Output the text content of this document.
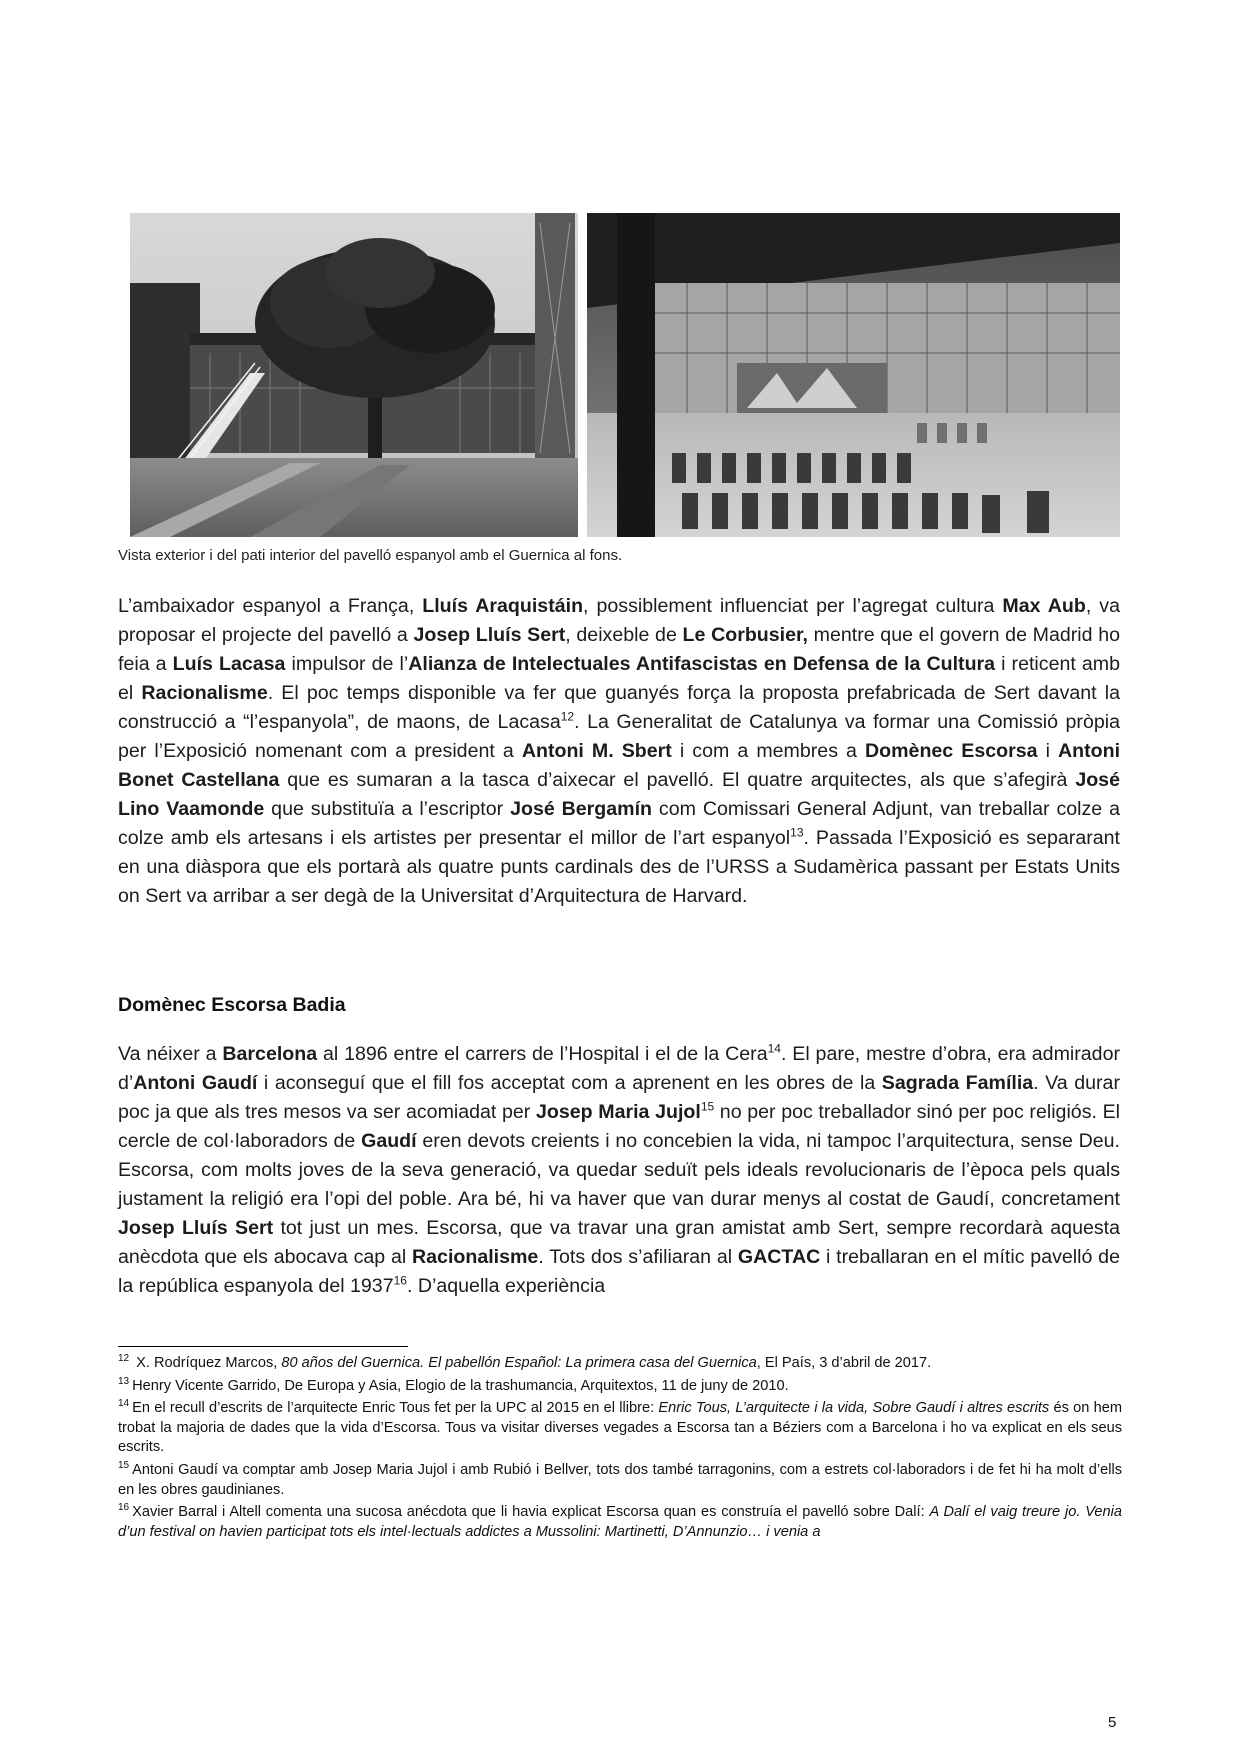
Vista exterior i del pati interior del pavelló espanyol amb el Guernica al fons.

L’ambaixador espanyol a França, Lluís Araquistáin, possiblement influenciat per l’agregat cultura Max Aub, va proposar el projecte del pavelló a Josep Lluís Sert, deixeble de Le Corbusier, mentre que el govern de Madrid ho feia a Luís Lacasa impulsor de l’Alianza de Intelectuales Antifascistas en Defensa de la Cultura i reticent amb el Racionalisme. El poc temps disponible va fer que guanyés força la proposta prefabricada de Sert davant la construcció a “l’espanyola”, de maons, de Lacasa$^{12}$. La Generalitat de Catalunya va formar una Comissió pròpia per l’Exposició nomenant com a president a Antoni M. Sbert i com a membres a Domènec Escorsa i Antoni Bonet Castellana que es sumaran a la tasca d’aixecar el pavelló. El quatre arquitectes, als que s’afegirà José Lino Vaamonde que substituïa a l’escriptor José Bergamín com Comissari General Adjunt, van treballar colze a colze amb els artesans i els artistes per presentar el millor de l’art espanyol$^{13}$. Passada l’Exposició es separarant en una diàspora que els portarà als quatre punts cardinals des de l’URSS a Sudamèrica passant per Estats Units on Sert va arribar a ser degà de la Universitat d’Arquitectura de Harvard.

Domènec Escorsa Badia

Va néixer a Barcelona al 1896 entre el carrers de l’Hospital i el de la Cera$^{14}$. El pare, mestre d’obra, era admirador d’Antoni Gaudí i aconseguí que el fill fos acceptat com a aprenent en les obres de la Sagrada Família. Va durar poc ja que als tres mesos va ser acomiadat per Josep Maria Jujol$^{15}$ no per poc treballador sinó per poc religiós. El cercle de col·laboradors de Gaudí eren devots creients i no concebien la vida, ni tampoc l’arquitectura, sense Deu. Escorsa, com molts joves de la seva generació, va quedar seduït pels ideals revolucionaris de l’època pels quals justament la religió era l’opi del poble. Ara bé, hi va haver que van durar menys al costat de Gaudí, concretament Josep Lluís Sert tot just un mes. Escorsa, que va travar una gran amistat amb Sert, sempre recordarà aquesta anècdota que els abocava cap al Racionalisme. Tots dos s’afiliaran al GACTAC i treballaran en el mític pavelló de la república espanyola del 1937$^{16}$. D’aquella experiència

$^{12}$ X. Rodríquez Marcos, 80 años del Guernica. El pabellón Español: La primera casa del Guernica, El País, 3 d’abril de 2017.

$^{13}$ Henry Vicente Garrido, De Europa y Asia, Elogio de la trashumancia, Arquitextos, 11 de juny de 2010.

$^{14}$ En el recull d’escrits de l’arquitecte Enric Tous fet per la UPC al 2015 en el llibre: Enric Tous, L’arquitecte i la vida, Sobre Gaudí i altres escrits és on hem trobat la majoria de dades que la vida d’Escorsa. Tous va visitar diverses vegades a Escorsa tan a Béziers com a Barcelona i ho va explicat en els seus escrits.

$^{15}$ Antoni Gaudí va comptar amb Josep Maria Jujol i amb Rubió i Bellver, tots dos també tarragonins, com a estrets col·laboradors i de fet hi ha molt d’ells en les obres gaudinianes.

$^{16}$ Xavier Barral i Altell comenta una sucosa anécdota que li havia explicat Escorsa quan es construía el pavelló sobre Dalí: A Dalí el vaig treure jo. Venia d’un festival on havien participat tots els intel·lectuals addictes a Mussolini: Martinetti, D’Annunzio… i venia a

5
